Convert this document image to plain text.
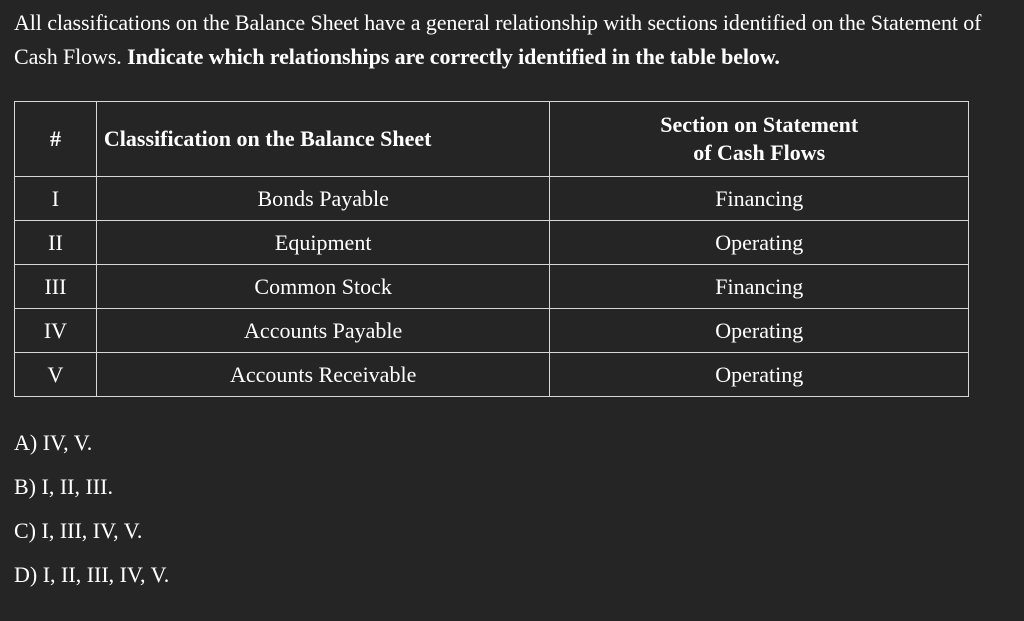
All classifications on the Balance Sheet have a general relationship with sections identified on the Statement of Cash Flows. Indicate which relationships are correctly identified in the table below.
#	Classification on the Balance Sheet	Section on Statement
of Cash Flows

I	Bonds Payable	Financing
II	Equipment	Operating
III	Common Stock	Financing
IV	Accounts Payable	Operating
V	Accounts Receivable	Operating
A) IV, V.
B) I, II, III.
C) I, III, IV, V.
D) I, II, III, IV, V.
